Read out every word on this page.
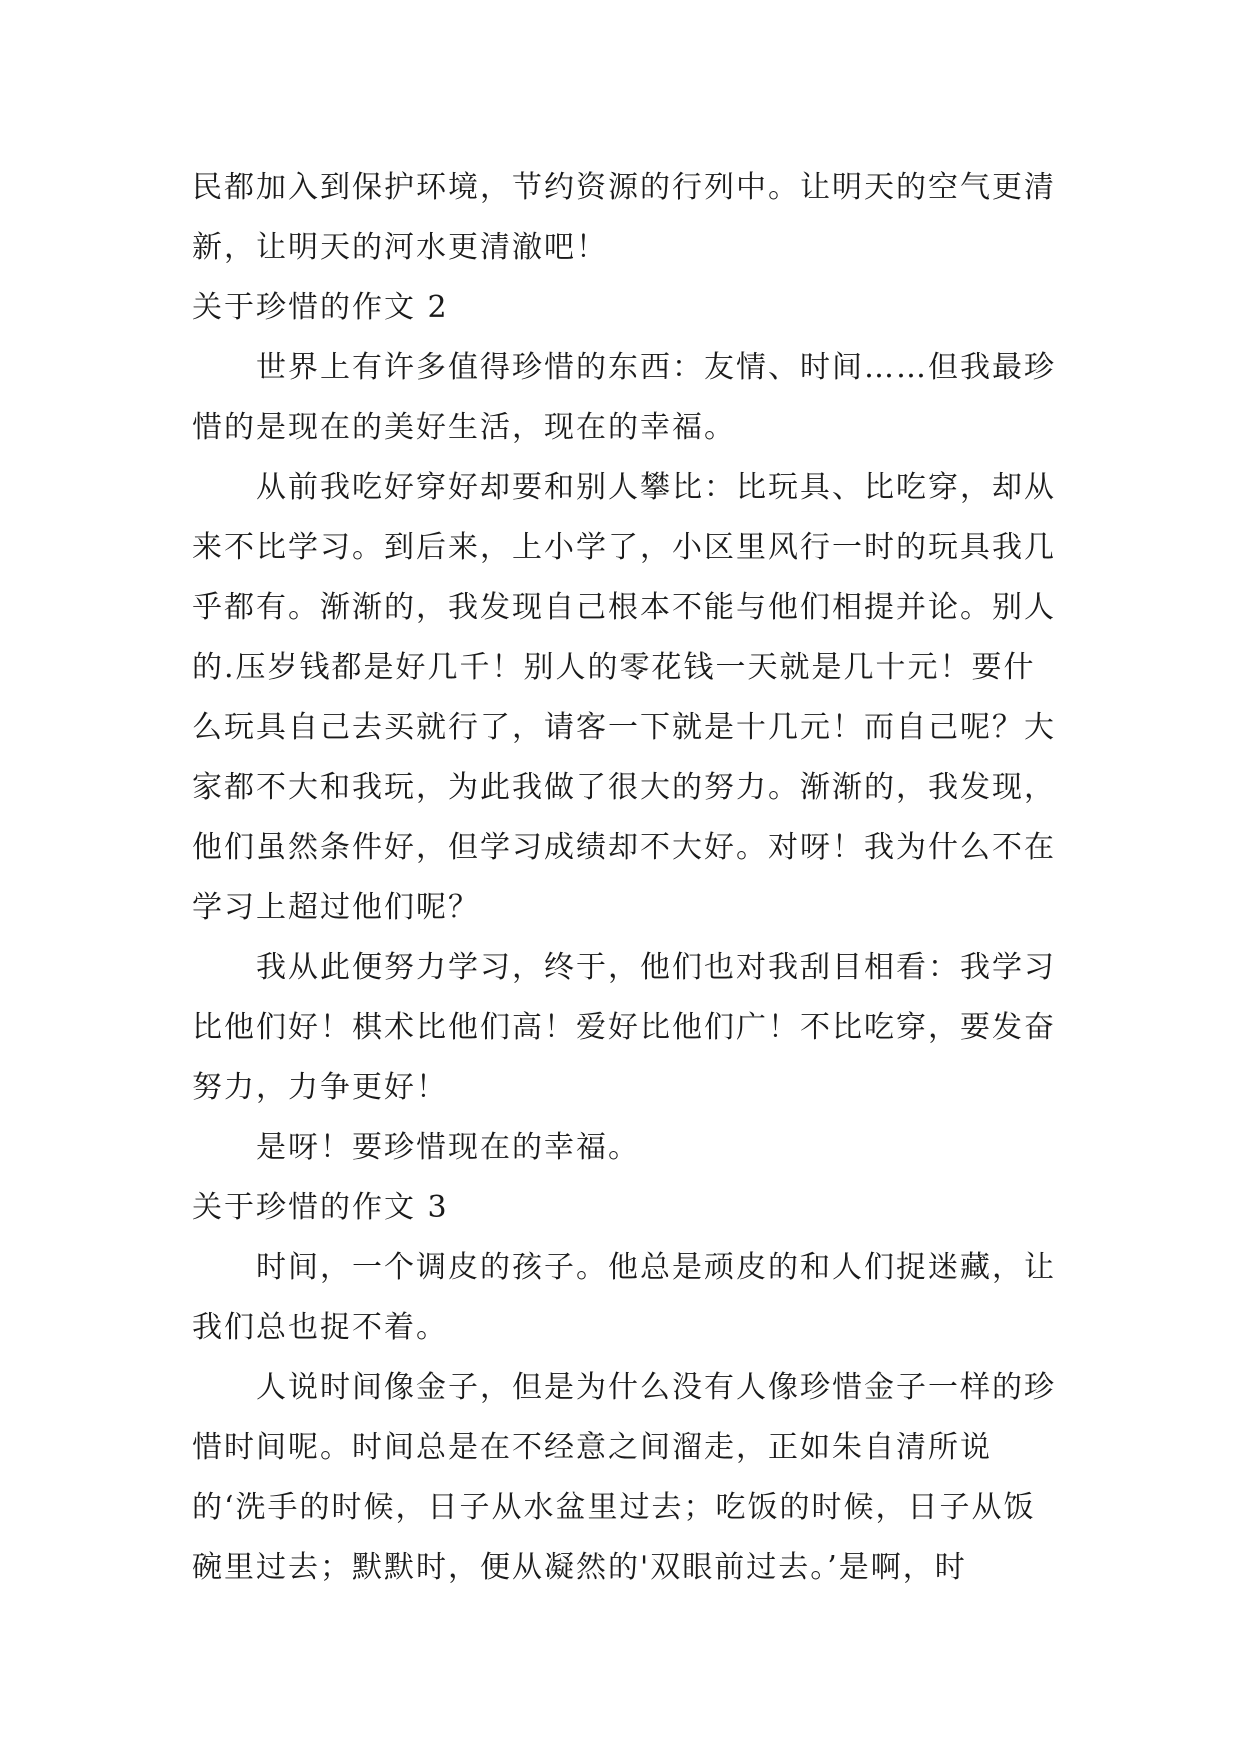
民都加入到保护环境，节约资源的行列中。让明天的空气更清新，让明天的河水更清澈吧！

关于珍惜的作文 2

世界上有许多值得珍惜的东西：友情、时间……但我最珍惜的是现在的美好生活，现在的幸福。

从前我吃好穿好却要和别人攀比：比玩具、比吃穿，却从来不比学习。到后来，上小学了，小区里风行一时的玩具我几乎都有。渐渐的，我发现自己根本不能与他们相提并论。别人的.压岁钱都是好几千！别人的零花钱一天就是几十元！要什么玩具自己去买就行了，请客一下就是十几元！而自己呢？大家都不大和我玩，为此我做了很大的努力。渐渐的，我发现，他们虽然条件好，但学习成绩却不大好。对呀！我为什么不在学习上超过他们呢？

我从此便努力学习，终于，他们也对我刮目相看：我学习比他们好！棋术比他们高！爱好比他们广！不比吃穿，要发奋努力，力争更好！

是呀！要珍惜现在的幸福。

关于珍惜的作文 3

时间，一个调皮的孩子。他总是顽皮的和人们捉迷藏，让我们总也捉不着。

人说时间像金子，但是为什么没有人像珍惜金子一样的珍惜时间呢。时间总是在不经意之间溜走，正如朱自清所说的‘洗手的时候，日子从水盆里过去；吃饭的时候，日子从饭碗里过去；默默时，便从凝然的'双眼前过去。’是啊，时
